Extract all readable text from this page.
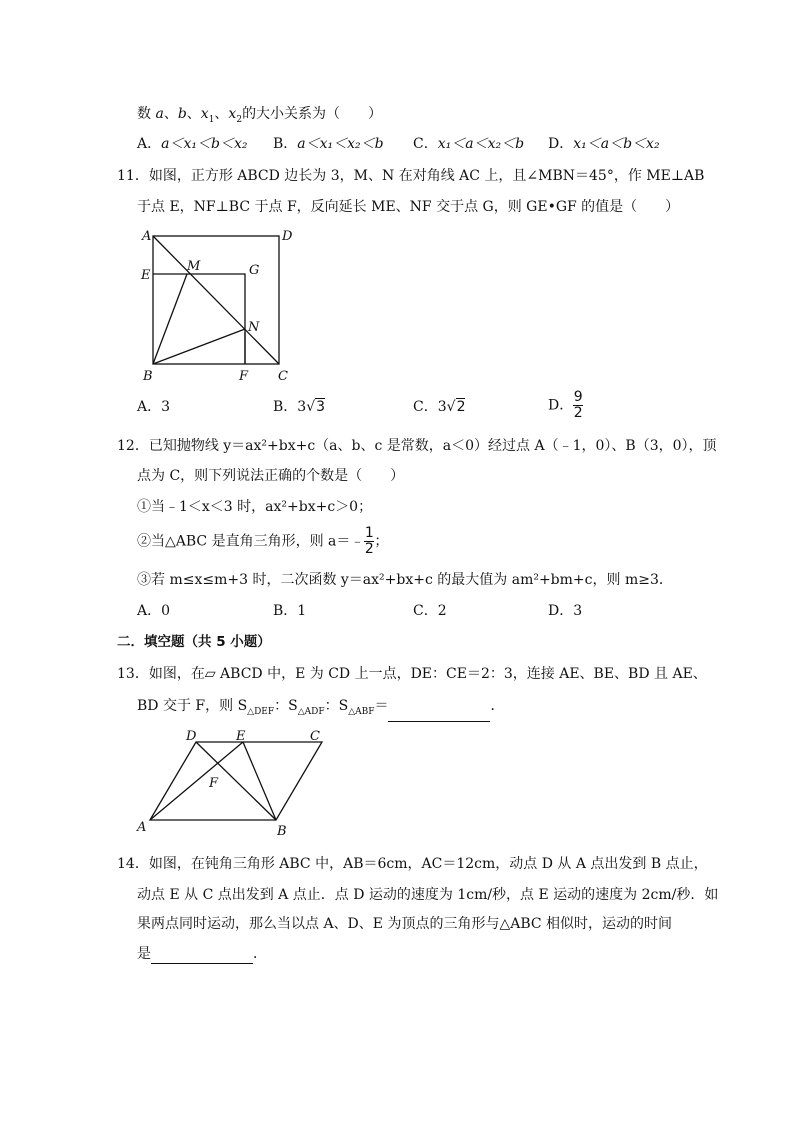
数 a、b、$x_1$、$x_2$的大小关系为（　　）
A．a＜x₁＜b＜x₂ B．a＜x₁＜x₂＜b C．x₁＜a＜x₂＜b D．x₁＜a＜b＜x₂
11．如图，正方形 ABCD 边长为 3，M、N 在对角线 AC 上，且∠MBN＝45°，作 ME⊥AB
于点 E，NF⊥BC 于点 F，反向延长 ME、NF 交于点 G，则 GE•GF 的值是（　　）
A	D
E
M	G
N
B	F C
A．3	B．3√3	C．3√2	D． $\frac{9}{2}$
12．已知抛物线 y＝ax²+bx+c（a、b、c 是常数，a＜0）经过点 A（﹣1，0）、B（3，0），顶
点为 C，则下列说法正确的个数是（　　）
①当﹣1＜x＜3 时，ax²+bx+c＞0；
②当△ABC 是直角三角形，则 a＝﹣ $\frac{1}{2}$ ；
③若 m≤x≤m+3 时，二次函数 y＝ax²+bx+c 的最大值为 am²+bm+c，则 m≥3．
A．0	B．1	C．2	D．3
二．填空题（共 5 小题）
13．如图，在▱ ABCD 中，E 为 CD 上一点，DE：CE＝2：3，连接 AE、BE、BD 且 AE、
BD 交于 F，则 $S_{\triangle DEF}$：$S_{\triangle ADF}$：$S_{\triangle ABF}=$	．
D	E	C
F
A	B
14．如图，在钝角三角形 ABC 中，AB＝6cm，AC＝12cm，动点 D 从 A 点出发到 B 点止，
动点 E 从 C 点出发到 A 点止．点 D 运动的速度为 1cm/秒，点 E 运动的速度为 2cm/秒．如
果两点同时运动，那么当以点 A、D、E 为顶点的三角形与△ABC 相似时，运动的时间
是	．
